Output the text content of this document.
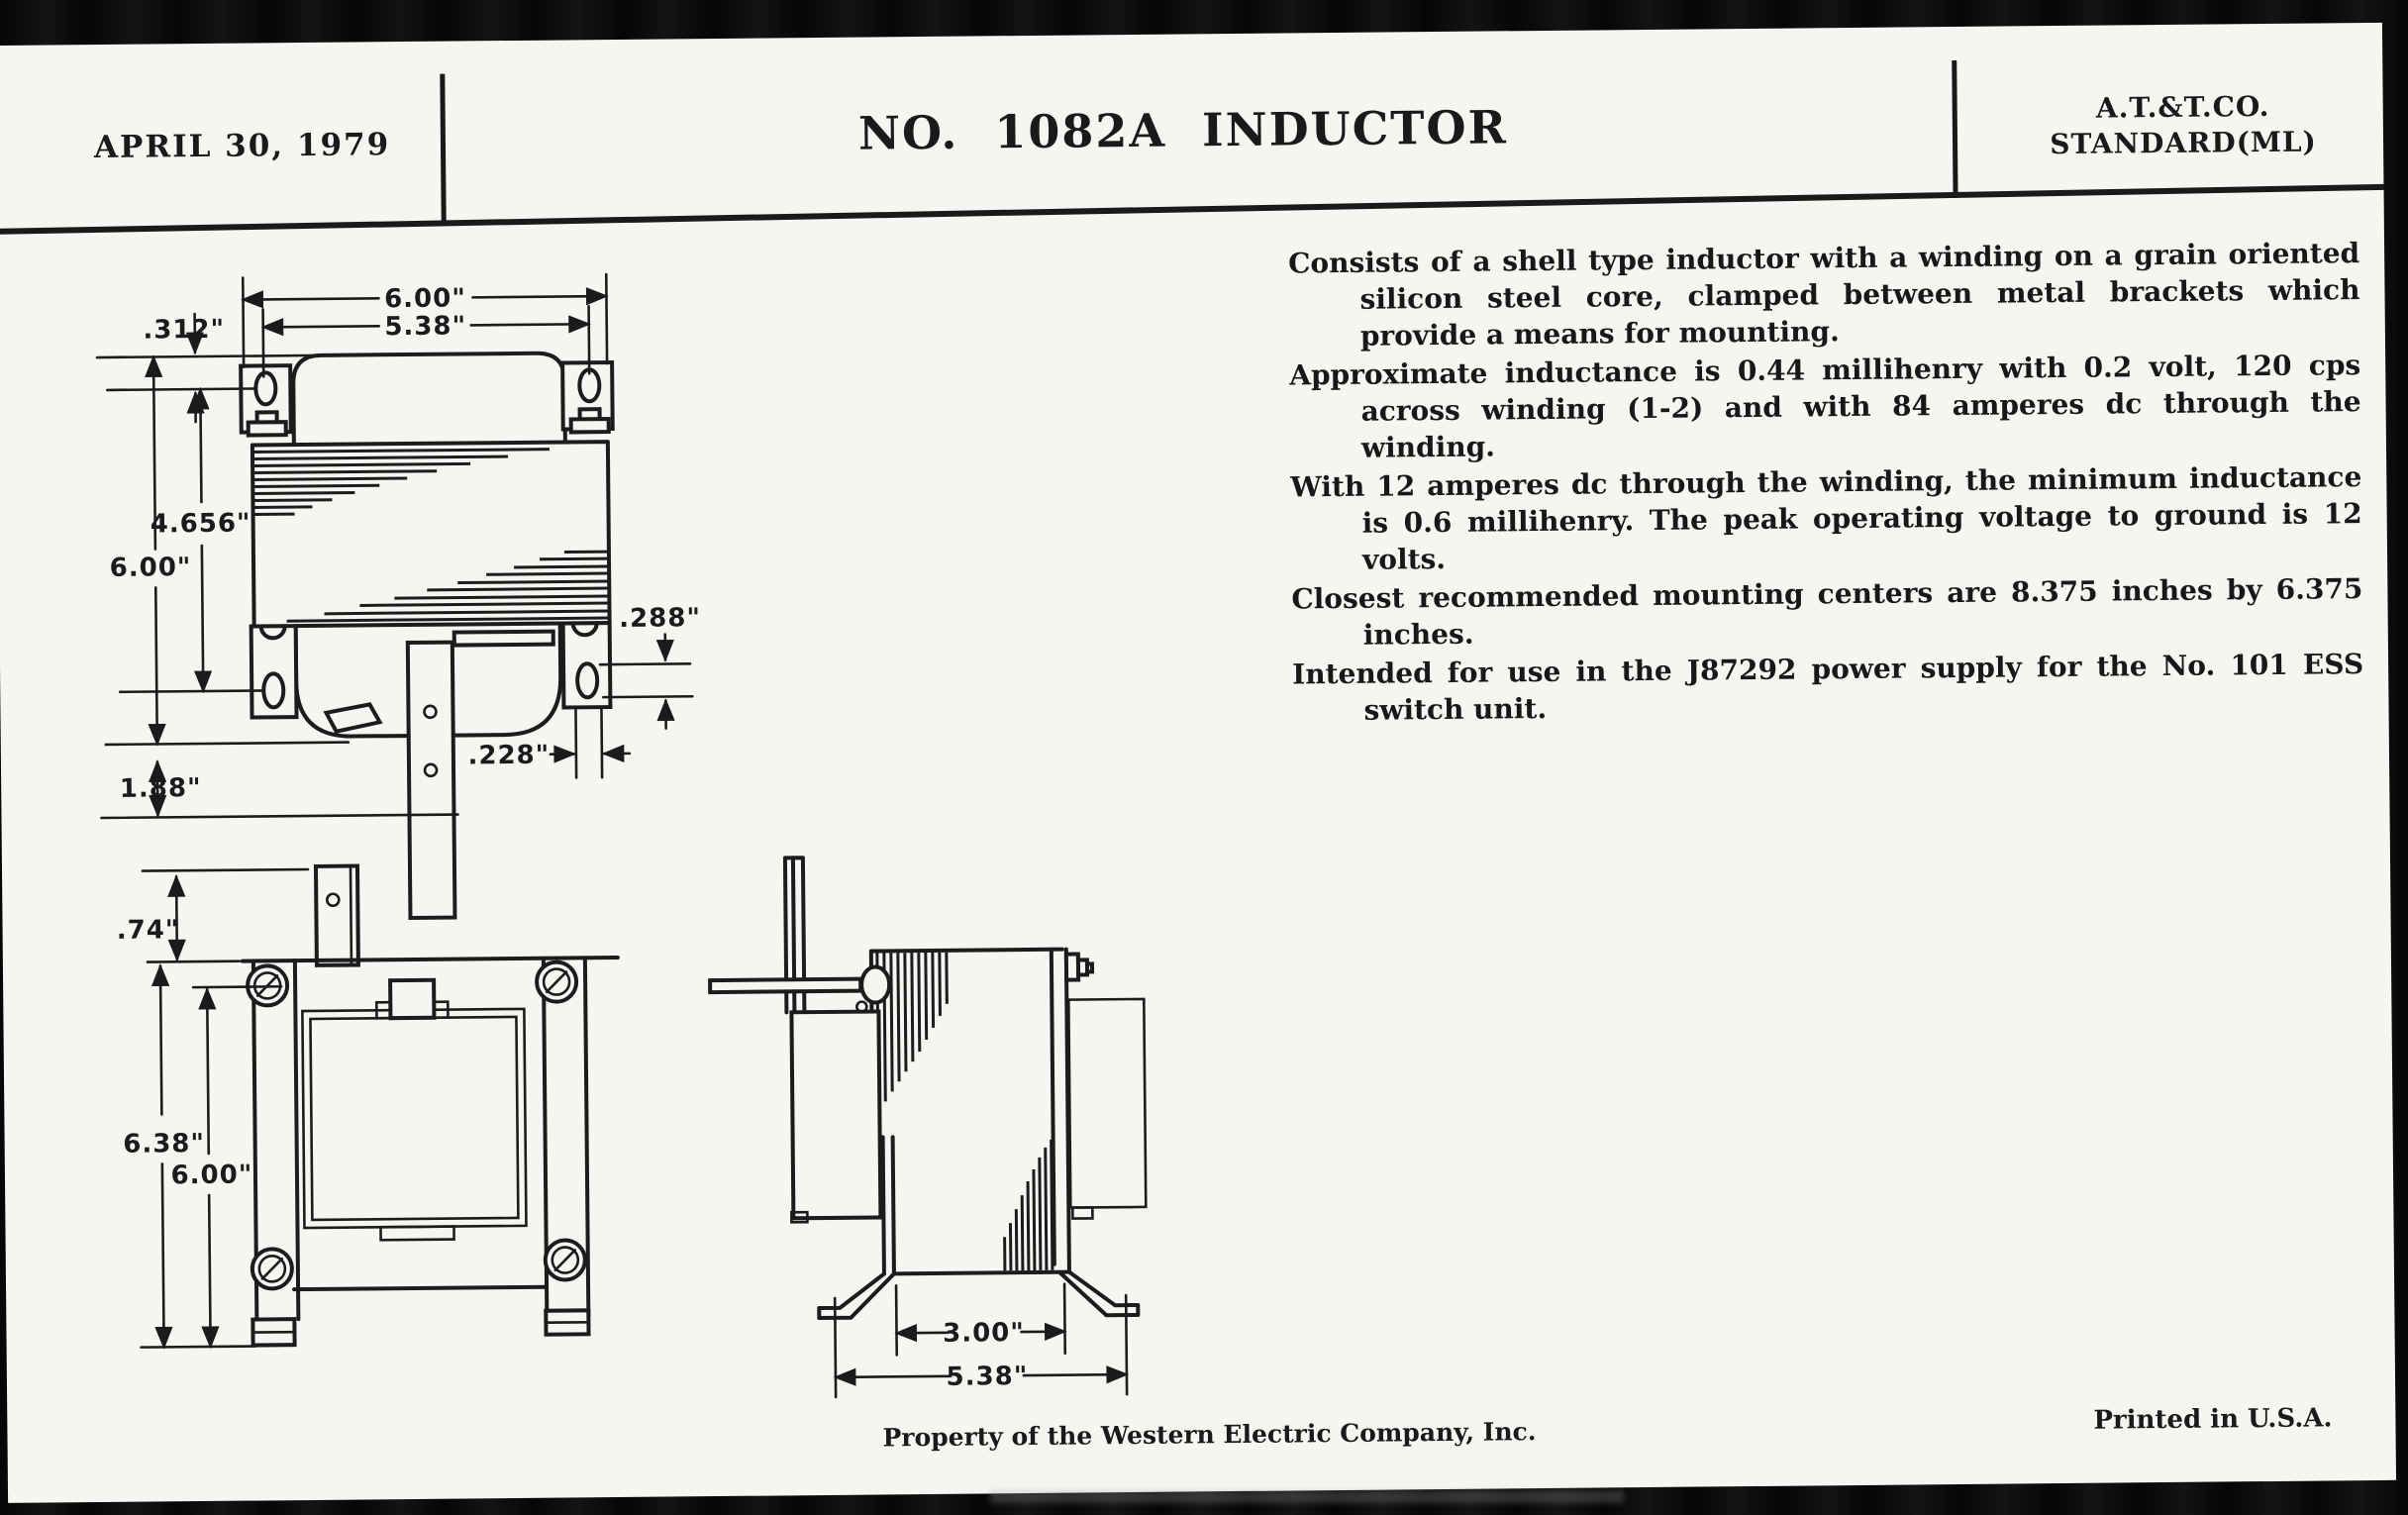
APRIL 30, 1979	NO. 1082A INDUCTOR	A.T.&T.CO.
STANDARD(ML)

Consists of a shell type inductor with a winding on a grain oriented silicon steel core, clamped between metal brackets which provide a means for mounting.

Approximate inductance is 0.44 millihenry with 0.2 volt, 120 cps across winding (1-2) and with 84 amperes dc through the winding.

With 12 amperes dc through the winding, the minimum inductance is 0.6 millihenry. The peak operating voltage to ground is 12 volts.

Closest recommended mounting centers are 8.375 inches by 6.375 inches.

Intended for use in the J87292 power supply for the No. 101 ESS switch unit.

6.00"
5.38"
.312"
4.656"
6.00"
1.88"
.288"
.228"
.74"
6.38"
6.00"
3.00"
5.38"
Property of the Western Electric Company, Inc.	Printed in U.S.A.
